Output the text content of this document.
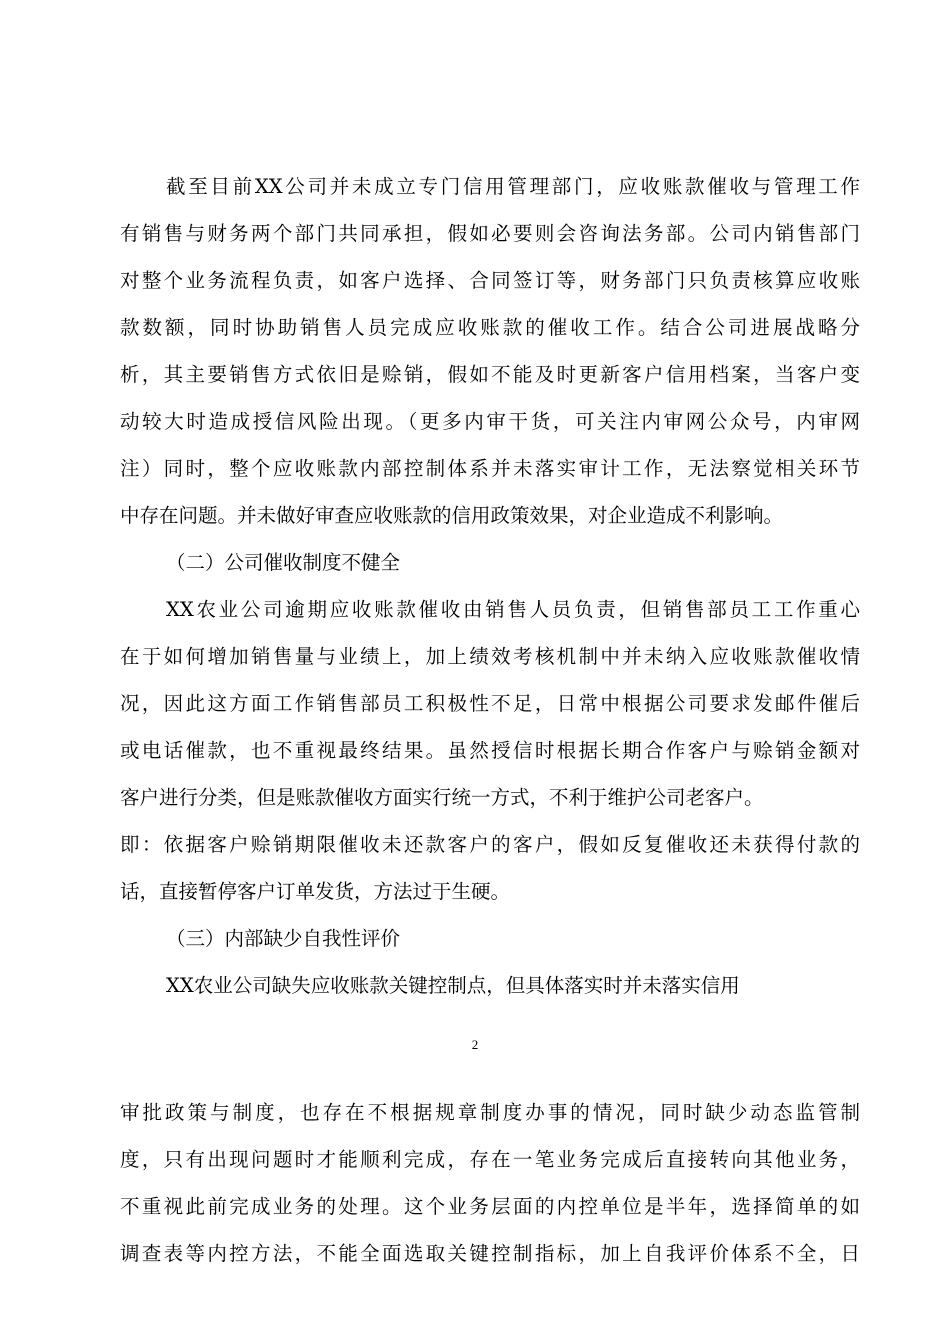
截至目前XX公司并未成立专门信用管理部门，应收账款催收与管理工作
有销售与财务两个部门共同承担，假如必要则会咨询法务部。公司内销售部门
对整个业务流程负责，如客户选择、合同签订等，财务部门只负责核算应收账
款数额，同时协助销售人员完成应收账款的催收工作。结合公司进展战略分
析，其主要销售方式依旧是赊销，假如不能及时更新客户信用档案，当客户变
动较大时造成授信风险出现。（更多内审干货，可关注内审网公众号，内审网
注）同时，整个应收账款内部控制体系并未落实审计工作，无法察觉相关环节
中存在问题。并未做好审查应收账款的信用政策效果，对企业造成不利影响。
（二）公司催收制度不健全
XX农业公司逾期应收账款催收由销售人员负责，但销售部员工工作重心
在于如何增加销售量与业绩上，加上绩效考核机制中并未纳入应收账款催收情
况，因此这方面工作销售部员工积极性不足，日常中根据公司要求发邮件催后
或电话催款，也不重视最终结果。虽然授信时根据长期合作客户与赊销金额对
客户进行分类，但是账款催收方面实行统一方式，不利于维护公司老客户。
即：依据客户赊销期限催收未还款客户的客户，假如反复催收还未获得付款的
话，直接暂停客户订单发货，方法过于生硬。
（三）内部缺少自我性评价
XX农业公司缺失应收账款关键控制点，但具体落实时并未落实信用
2
审批政策与制度，也存在不根据规章制度办事的情况，同时缺少动态监管制
度，只有出现问题时才能顺利完成，存在一笔业务完成后直接转向其他业务，
不重视此前完成业务的处理。这个业务层面的内控单位是半年，选择简单的如
调查表等内控方法，不能全面选取关键控制指标，加上自我评价体系不全，日
